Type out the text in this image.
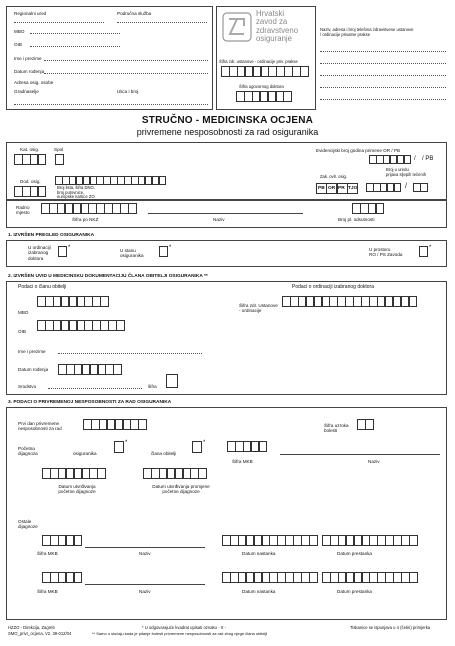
Regionalni ured	Područna služba
MBO
OIB
Ime i prezime
Datum rođenja
Adresa osig. osobe
Gradnaselje	Ulica i broj
Hrvatski
zavod za
zdravstveno
osiguranje
Šifra zdr. ustanove - ordinacije priv. prakse
Šifra ugovornog doktora
Naziv, adresa i broj telefona zdravstvene ustanove
/ ordinacije privatne prakse
STRUČNO - MEDICINSKA OCJENA
privremene nesposobnosti za rad osiguranika
Kat. osig.	Spol	Evidencijski broj godina primene OR / PB
/ / PB
Dod. osig.
Broj lista, šifra DNO,
broj putovnice,
europske kartice ZO
Zak. ovlr. osig.
Broj u uredu
prijava sljepih tečenih
PB OR PR TJO	/
Radno
mjesto
Šifra po NKZ	Naziv	Broj pl. odsutnosti
1. IZVRŠEN PREGLED OSIGURANIKA
U ordinaciji
izabranog
doktora
*	U stanu
osiguranika
*	U prostoru
RO / PS Zavoda
*
2. IZVRŠEN UVID U MEDICINSKU DOKUMENTACIJU ČLANA OBITELJI OSIGURANIKA **
Podaci o članu obitelji	Podaci o ordinaciji izabranog doktora
MBO
Šifra zdr. Ustanove
- ordinacije
OIB
Ime i prezime
Datum rođenja
Srodstvo	šifra
3. PODACI O PRIVREMENOJ NESPOSOBNOSTI ZA RAD OSIGURANIKA
Prvi dan privremene
nesposobnosti za rad
Šifra uzroka
bolesti
Početna
dijagnoza	osiguranika
*
člana obitelji
*
Šifra MKB	Naziv
Datum utvrđivanja
početne dijagnoze
Datum utvrđivanja promjene
početne dijagnoze
Ostale
dijagnoze
Šifra MKB	Naziv	Datum nastanka	Datum prestanka
Šifra MKB	Naziv	Datum nastanka	Datum prestanka
HZZO - Direkcija, Zagreb
SMO_privr_ocjena, V2. 39-012/04
* U odgovarajuće kvadrat upisati oznaku - X -
** Samo u slučaju kada je pitanje bolesti privremene nesposobnosti za rad zbog njege člana obitelji
Tiskanice se ispunjava u 4 (četiri) primjerka
